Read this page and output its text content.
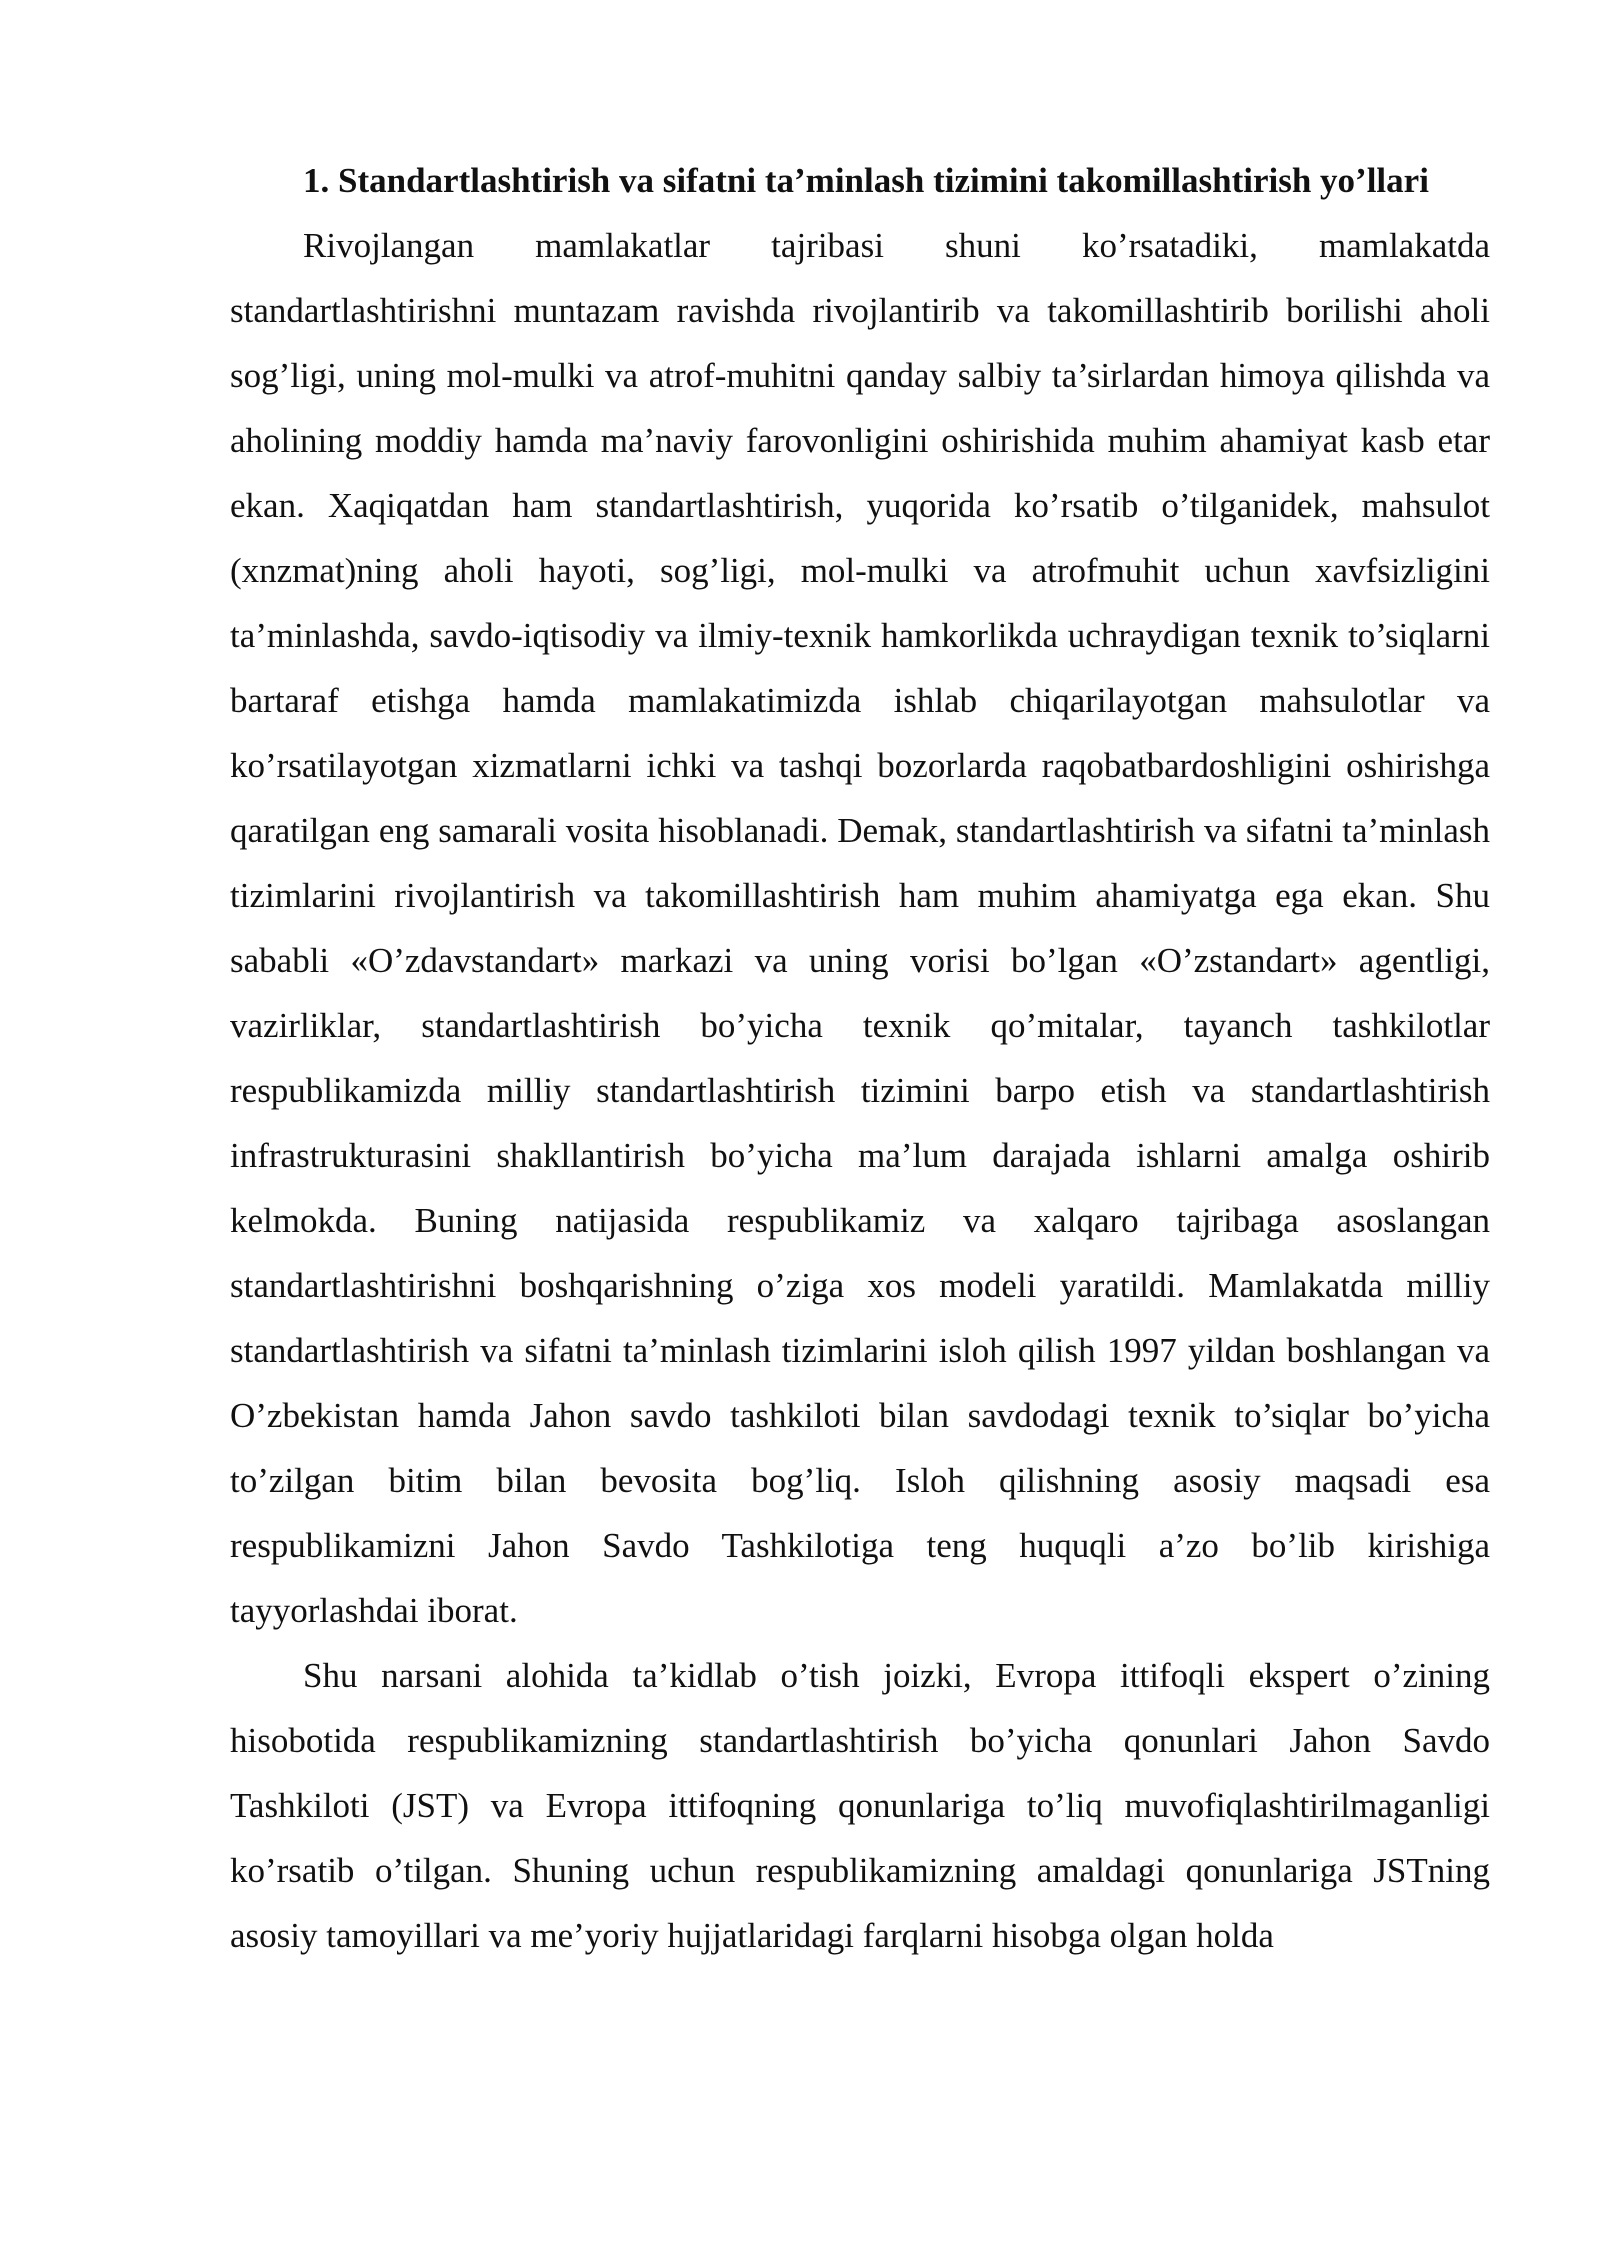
1. Standartlashtirish va sifatni ta’minlash tizimini takomillashtirish yo’llari

Rivojlangan mamlakatlar tajribasi shuni ko’rsatadiki, mamlakatda standartlashtirishni muntazam ravishda rivojlantirib va takomillashtirib borilishi aholi sog’ligi, uning mol-mulki va atrof-muhitni qanday salbiy ta’sirlardan himoya qilishda va aholining moddiy hamda ma’naviy farovonligini oshirishida muhim ahamiyat kasb etar ekan. Xaqiqatdan ham standartlashtirish, yuqorida ko’rsatib o’tilganidek, mahsulot (xnzmat)ning aholi hayoti, sog’ligi, mol-mulki va atrofmuhit uchun xavfsizligini ta’minlashda, savdo-iqtisodiy va ilmiy-texnik hamkorlikda uchraydigan texnik to’siqlarni bartaraf etishga hamda mamlakatimizda ishlab chiqarilayotgan mahsulotlar va ko’rsatilayotgan xizmatlarni ichki va tashqi bozorlarda raqobatbardoshligini oshirishga qaratilgan eng samarali vosita hisoblanadi. Demak, standartlashtirish va sifatni ta’minlash tizimlarini rivojlantirish va takomillashtirish ham muhim ahamiyatga ega ekan. Shu sababli «O’zdavstandart» markazi va uning vorisi bo’lgan «O’zstandart» agentligi, vazirliklar, standartlashtirish bo’yicha texnik qo’mitalar, tayanch tashkilotlar respublikamizda milliy standartlashtirish tizimini barpo etish va standartlashtirish infrastrukturasini shakllantirish bo’yicha ma’lum darajada ishlarni amalga oshirib kelmokda. Buning natijasida respublikamiz va xalqaro tajribaga asoslangan standartlashtirishni boshqarishning o’ziga xos modeli yaratildi. Mamlakatda milliy standartlashtirish va sifatni ta’minlash tizimlarini isloh qilish 1997 yildan boshlangan va O’zbekistan hamda Jahon savdo tashkiloti bilan savdodagi texnik to’siqlar bo’yicha to’zilgan bitim bilan bevosita bog’liq. Isloh qilishning asosiy maqsadi esa respublikamizni Jahon Savdo Tashkilotiga teng huquqli a’zo bo’lib kirishiga tayyorlashdai iborat.

Shu narsani alohida ta’kidlab o’tish joizki, Evropa ittifoqli ekspert o’zining hisobotida respublikamizning standartlashtirish bo’yicha qonunlari Jahon Savdo Tashkiloti (JST) va Evropa ittifoqning qonunlariga to’liq muvofiqlashtirilmaganligi ko’rsatib o’tilgan. Shuning uchun respublikamizning amaldagi qonunlariga JSTning asosiy tamoyillari va me’yoriy hujjatlaridagi farqlarni hisobga olgan holda
